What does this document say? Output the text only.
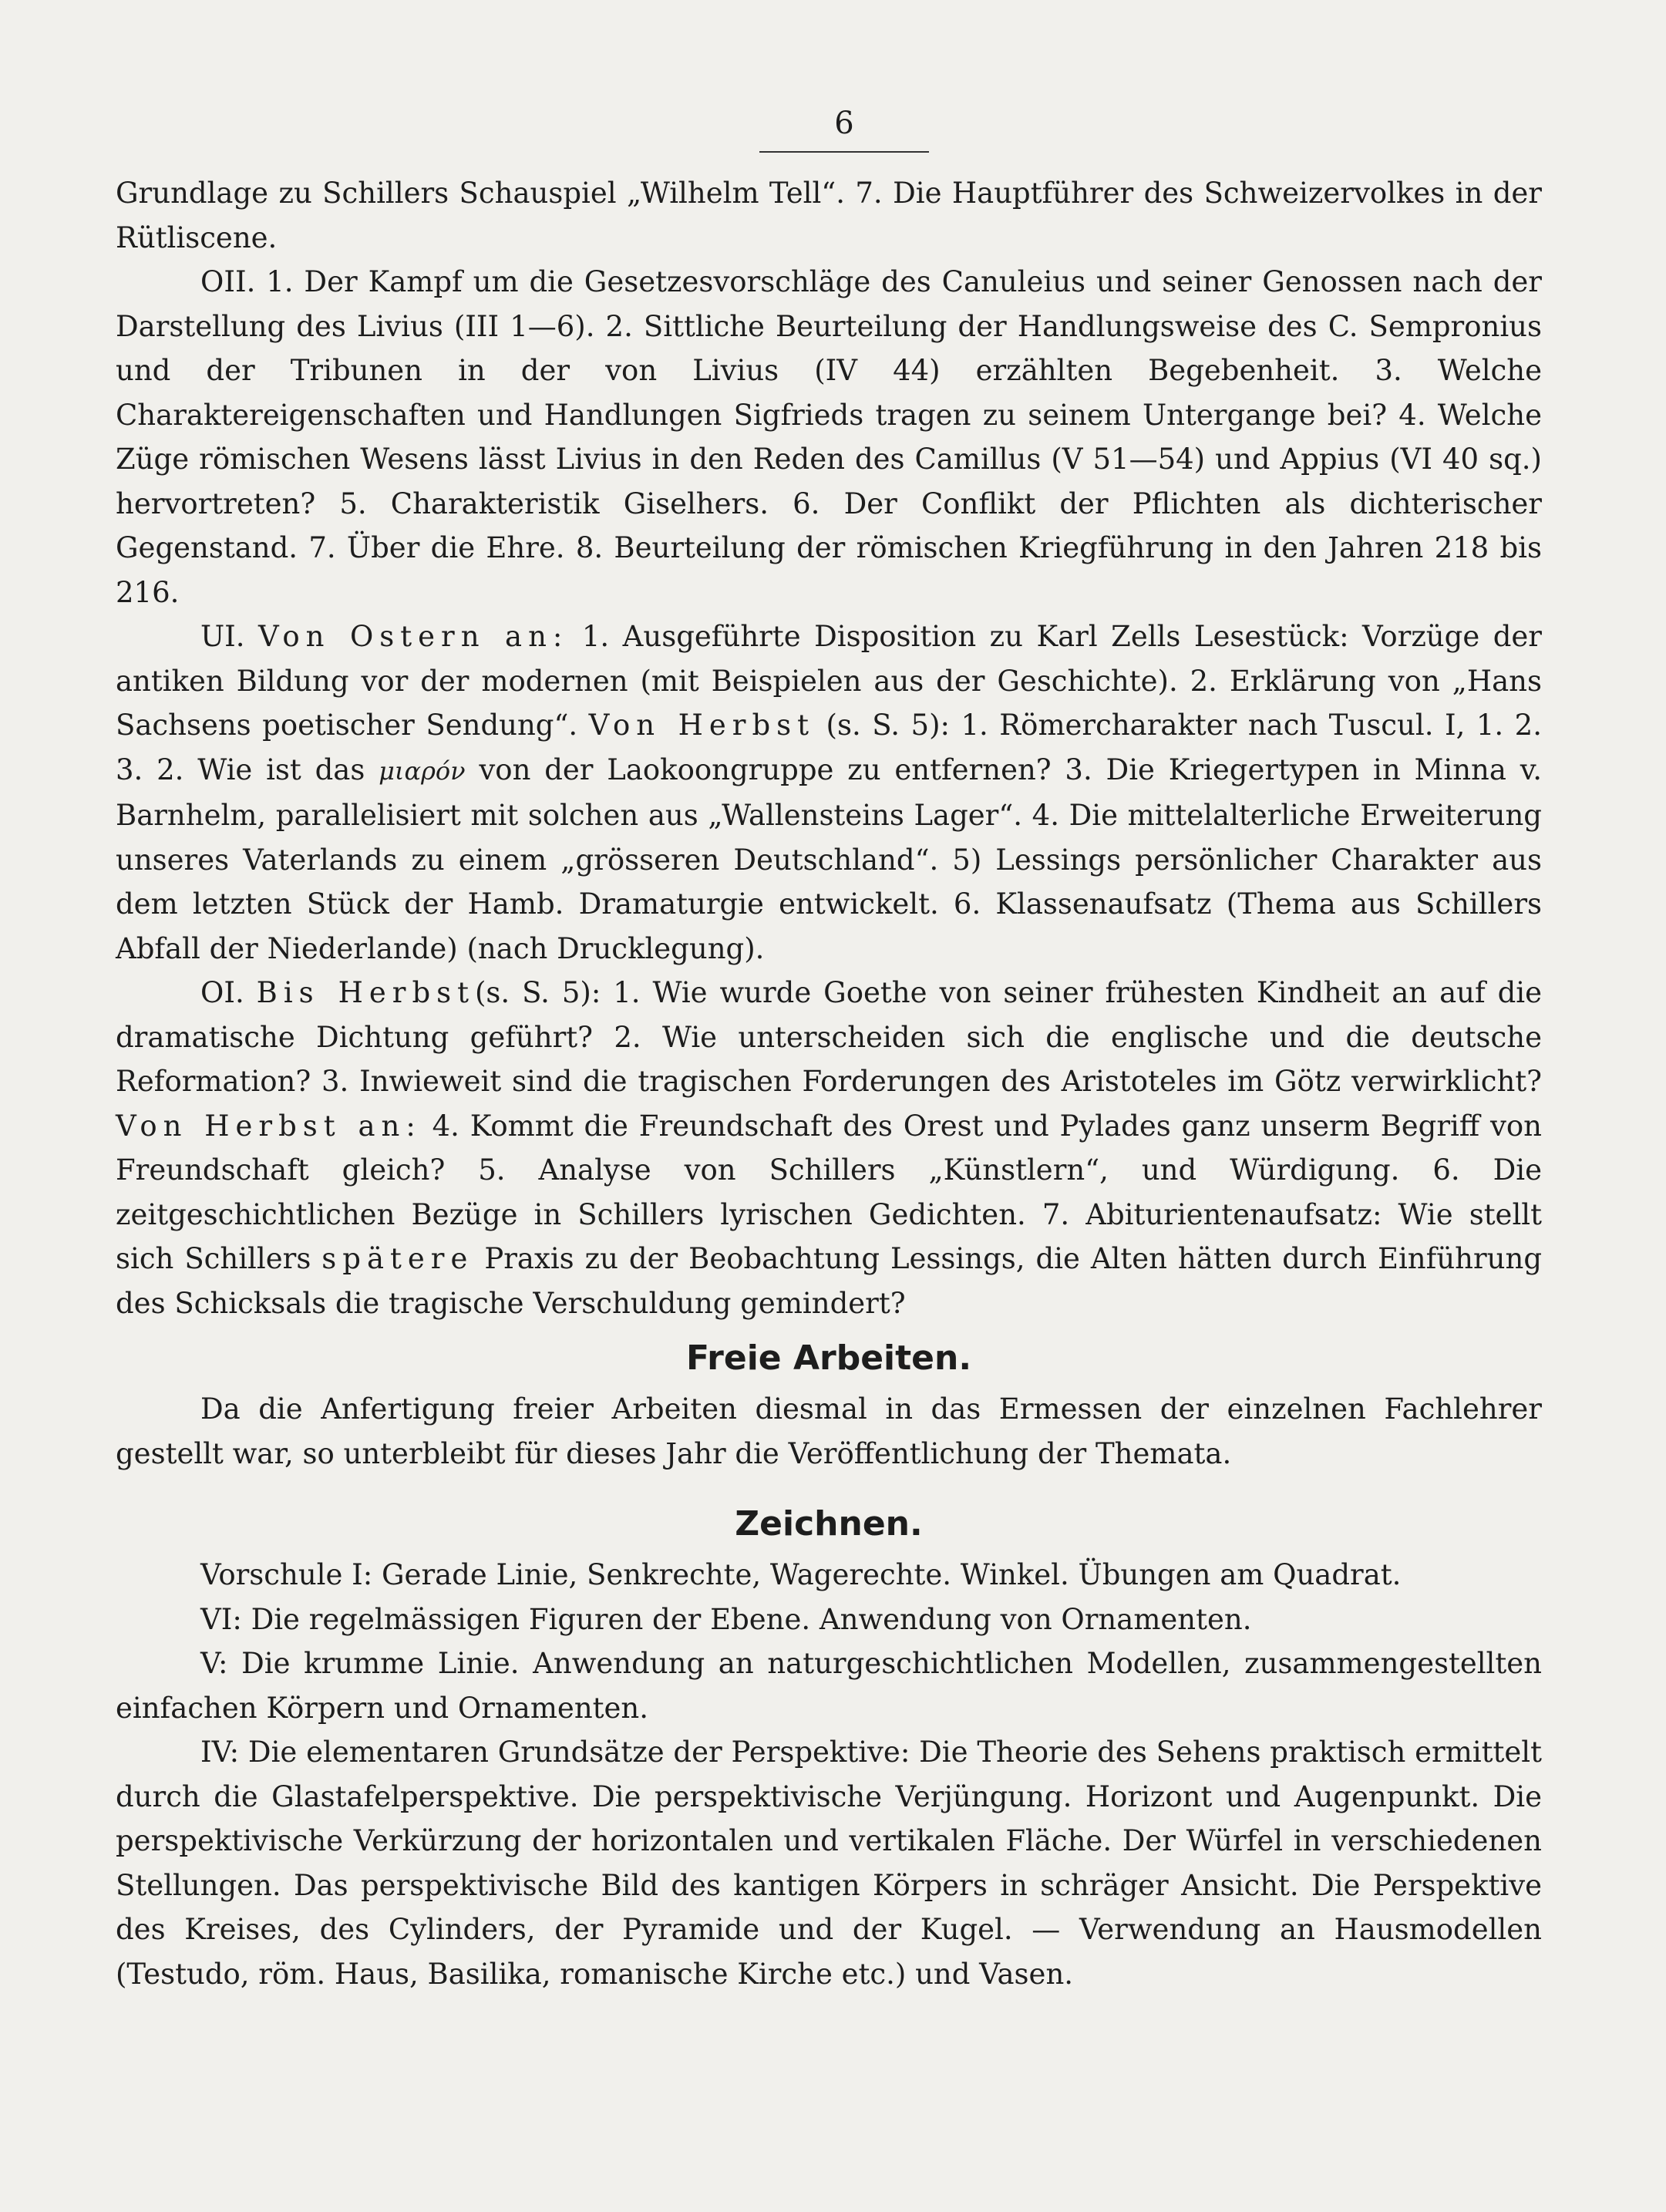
6

Grundlage zu Schillers Schauspiel „Wilhelm Tell“. 7. Die Hauptführer des Schweizervolkes in der Rütliscene.

OII. 1. Der Kampf um die Gesetzesvorschläge des Canuleius und seiner Genossen nach der Darstellung des Livius (III 1—6). 2. Sittliche Beurteilung der Handlungsweise des C. Sempronius und der Tribunen in der von Livius (IV 44) erzählten Begebenheit. 3. Welche Charaktereigenschaften und Handlungen Sigfrieds tragen zu seinem Untergange bei? 4. Welche Züge römischen Wesens lässt Livius in den Reden des Camillus (V 51—54) und Appius (VI 40 sq.) hervortreten? 5. Charakteristik Giselhers. 6. Der Conflikt der Pflichten als dichterischer Gegenstand. 7. Über die Ehre. 8. Beurteilung der römischen Kriegführung in den Jahren 218 bis 216.

UI. Von Ostern an: 1. Ausgeführte Disposition zu Karl Zells Lesestück: Vorzüge der antiken Bildung vor der modernen (mit Beispielen aus der Geschichte). 2. Erklärung von „Hans Sachsens poetischer Sendung“. Von Herbst (s. S. 5): 1. Römercharakter nach Tuscul. I, 1. 2. 3. 2. Wie ist das μιαρόν von der Laokoongruppe zu entfernen? 3. Die Kriegertypen in Minna v. Barnhelm, parallelisiert mit solchen aus „Wallensteins Lager“. 4. Die mittelalterliche Erweiterung unseres Vaterlands zu einem „grösseren Deutschland“. 5) Lessings persönlicher Charakter aus dem letzten Stück der Hamb. Dramaturgie entwickelt. 6. Klassenaufsatz (Thema aus Schillers Abfall der Niederlande) (nach Drucklegung).

OI. Bis Herbst(s. S. 5): 1. Wie wurde Goethe von seiner frühesten Kindheit an auf die dramatische Dichtung geführt? 2. Wie unterscheiden sich die englische und die deutsche Reformation? 3. Inwieweit sind die tragischen Forderungen des Aristoteles im Götz verwirklicht? Von Herbst an: 4. Kommt die Freundschaft des Orest und Pylades ganz unserm Begriff von Freundschaft gleich? 5. Analyse von Schillers „Künstlern“, und Würdigung. 6. Die zeitgeschichtlichen Bezüge in Schillers lyrischen Gedichten. 7. Abiturientenaufsatz: Wie stellt sich Schillers spätere Praxis zu der Beobachtung Lessings, die Alten hätten durch Einführung des Schicksals die tragische Verschuldung gemindert?

Freie Arbeiten.

Da die Anfertigung freier Arbeiten diesmal in das Ermessen der einzelnen Fachlehrer gestellt war, so unterbleibt für dieses Jahr die Veröffentlichung der Themata.

Zeichnen.

Vorschule I: Gerade Linie, Senkrechte, Wagerechte. Winkel. Übungen am Quadrat.

VI: Die regelmässigen Figuren der Ebene. Anwendung von Ornamenten.

V: Die krumme Linie. Anwendung an naturgeschichtlichen Modellen, zusammengestellten einfachen Körpern und Ornamenten.

IV: Die elementaren Grundsätze der Perspektive: Die Theorie des Sehens praktisch ermittelt durch die Glastafelperspektive. Die perspektivische Verjüngung. Horizont und Augenpunkt. Die perspektivische Verkürzung der horizontalen und vertikalen Fläche. Der Würfel in verschiedenen Stellungen. Das perspektivische Bild des kantigen Körpers in schräger Ansicht. Die Perspektive des Kreises, des Cylinders, der Pyramide und der Kugel. — Verwendung an Hausmodellen (Testudo, röm. Haus, Basilika, romanische Kirche etc.) und Vasen.
